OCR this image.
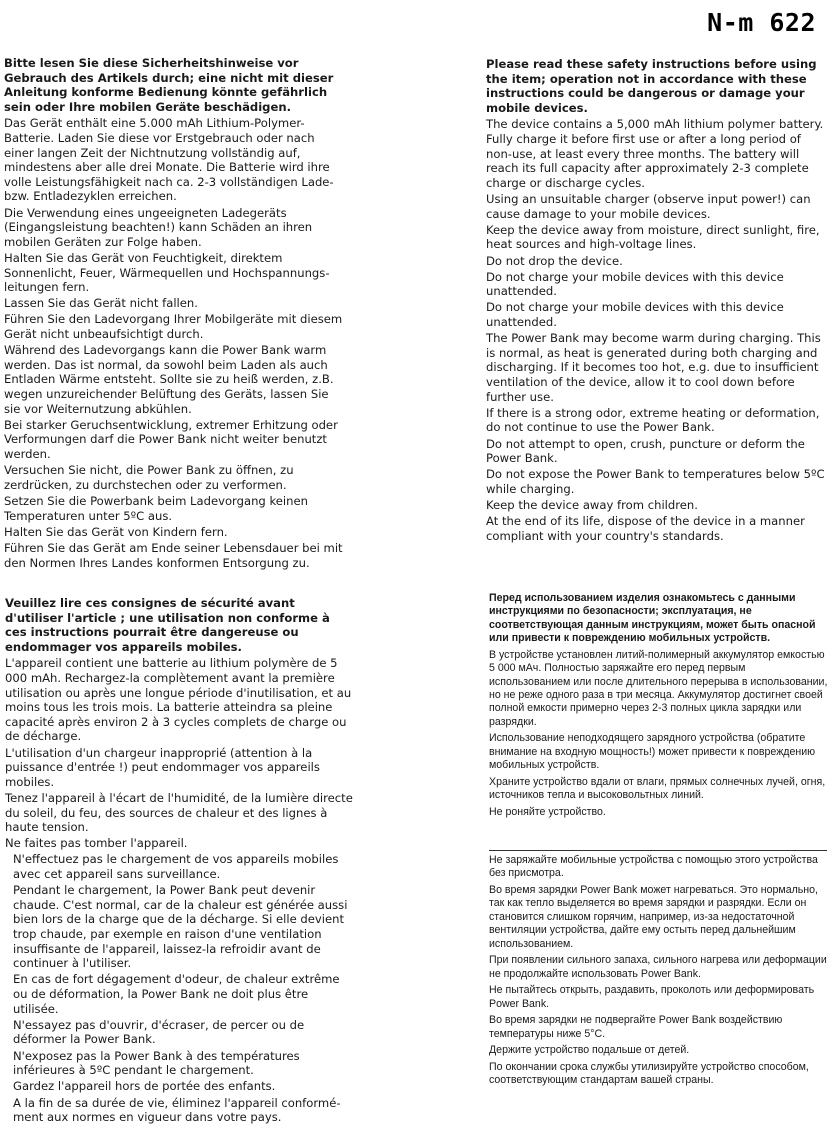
N-m 622

Bitte lesen Sie diese Sicherheitshinweise vor Gebrauch des Artikels durch; eine nicht mit dieser Anleitung konforme Bedienung könnte gefährlich sein oder Ihre mobilen Geräte beschädigen.

Das Gerät enthält eine 5.000 mAh Lithium-Polymer-Batterie. Laden Sie diese vor Erstgebrauch oder nach einer langen Zeit der Nichtnutzung vollständig auf, mindestens aber alle drei Monate. Die Batterie wird ihre volle Leistungsfähigkeit nach ca. 2-3 vollständigen Lade-bzw. Entladezyklen erreichen.

Die Verwendung eines ungeeigneten Ladegeräts (Eingangsleistung beachten!) kann Schäden an ihren mobilen Geräten zur Folge haben.

Halten Sie das Gerät von Feuchtigkeit, direktem Sonnenlicht, Feuer, Wärmequellen und Hochspannungs-leitungen fern.

Lassen Sie das Gerät nicht fallen.

Führen Sie den Ladevorgang Ihrer Mobilgeräte mit diesem Gerät nicht unbeaufsichtigt durch.

Während des Ladevorgangs kann die Power Bank warm werden. Das ist normal, da sowohl beim Laden als auch Entladen Wärme entsteht. Sollte sie zu heiß werden, z.B. wegen unzureichender Belüftung des Geräts, lassen Sie sie vor Weiternutzung abkühlen.

Bei starker Geruchsentwicklung, extremer Erhitzung oder Verformungen darf die Power Bank nicht weiter benutzt werden.

Versuchen Sie nicht, die Power Bank zu öffnen, zu zerdrücken, zu durchstechen oder zu verformen.

Setzen Sie die Powerbank beim Ladevorgang keinen Temperaturen unter 5ºC aus.

Halten Sie das Gerät von Kindern fern.

Führen Sie das Gerät am Ende seiner Lebensdauer bei mit den Normen Ihres Landes konformen Entsorgung zu.

Please read these safety instructions before using the item; operation not in accordance with these instructions could be dangerous or damage your mobile devices.

The device contains a 5,000 mAh lithium polymer battery. Fully charge it before first use or after a long period of non-use, at least every three months. The battery will reach its full capacity after approximately 2-3 complete charge or discharge cycles.

Using an unsuitable charger (observe input power!) can cause damage to your mobile devices.

Keep the device away from moisture, direct sunlight, fire, heat sources and high-voltage lines.

Do not drop the device.

Do not charge your mobile devices with this device unattended.

Do not charge your mobile devices with this device unattended.

The Power Bank may become warm during charging. This is normal, as heat is generated during both charging and discharging. If it becomes too hot, e.g. due to insufficient ventilation of the device, allow it to cool down before further use.

If there is a strong odor, extreme heating or deformation, do not continue to use the Power Bank.

Do not attempt to open, crush, puncture or deform the Power Bank.

Do not expose the Power Bank to temperatures below 5ºC while charging.

Keep the device away from children.

At the end of its life, dispose of the device in a manner compliant with your country's standards.

Veuillez lire ces consignes de sécurité avant d'utiliser l'article ; une utilisation non conforme à ces instructions pourrait être dangereuse ou endommager vos appareils mobiles.

L'appareil contient une batterie au lithium polymère de 5 000 mAh. Rechargez-la complètement avant la première utilisation ou après une longue période d'inutilisation, et au moins tous les trois mois. La batterie atteindra sa pleine capacité après environ 2 à 3 cycles complets de charge ou de décharge.

L'utilisation d'un chargeur inapproprié (attention à la puissance d'entrée !) peut endommager vos appareils mobiles.

Tenez l'appareil à l'écart de l'humidité, de la lumière directe du soleil, du feu, des sources de chaleur et des lignes à haute tension.

Ne faites pas tomber l'appareil.

N'effectuez pas le chargement de vos appareils mobiles avec cet appareil sans surveillance.

Pendant le chargement, la Power Bank peut devenir chaude. C'est normal, car de la chaleur est générée aussi bien lors de la charge que de la décharge. Si elle devient trop chaude, par exemple en raison d'une ventilation insuffisante de l'appareil, laissez-la refroidir avant de continuer à l'utiliser.

En cas de fort dégagement d'odeur, de chaleur extrême ou de déformation, la Power Bank ne doit plus être utilisée.

N'essayez pas d'ouvrir, d'écraser, de percer ou de déformer la Power Bank.

N'exposez pas la Power Bank à des températures inférieures à 5ºC pendant le chargement.

Gardez l'appareil hors de portée des enfants.

A la fin de sa durée de vie, éliminez l'appareil conformé-ment aux normes en vigueur dans votre pays.

Перед использованием изделия ознакомьтесь с данными инструкциями по безопасности; эксплуатация, не соответствующая данным инструкциям, может быть опасной или привести к повреждению мобильных устройств.

В устройстве установлен литий-полимерный аккумулятор емкостью 5 000 мАч. Полностью заряжайте его перед первым использованием или после длительного перерыва в использовании, но не реже одного раза в три месяца. Аккумулятор достигнет своей полной емкости примерно через 2-3 полных цикла зарядки или разрядки.

Использование неподходящего зарядного устройства (обратите внимание на входную мощность!) может привести к повреждению мобильных устройств.

Храните устройство вдали от влаги, прямых солнечных лучей, огня, источников тепла и высоковольтных линий.

Не роняйте устройство.

Не заряжайте мобильные устройства с помощью этого устройства без присмотра.

Во время зарядки Power Bank может нагреваться. Это нормально, так как тепло выделяется во время зарядки и разрядки. Если он становится слишком горячим, например, из-за недостаточной вентиляции устройства, дайте ему остыть перед дальнейшим использованием.

При появлении сильного запаха, сильного нагрева или деформации не продолжайте использовать Power Bank.

Не пытайтесь открыть, раздавить, проколоть или деформировать Power Bank.

Во время зарядки не подвергайте Power Bank воздействию температуры ниже 5°C.

Держите устройство подальше от детей.

По окончании срока службы утилизируйте устройство способом, соответствующим стандартам вашей страны.
